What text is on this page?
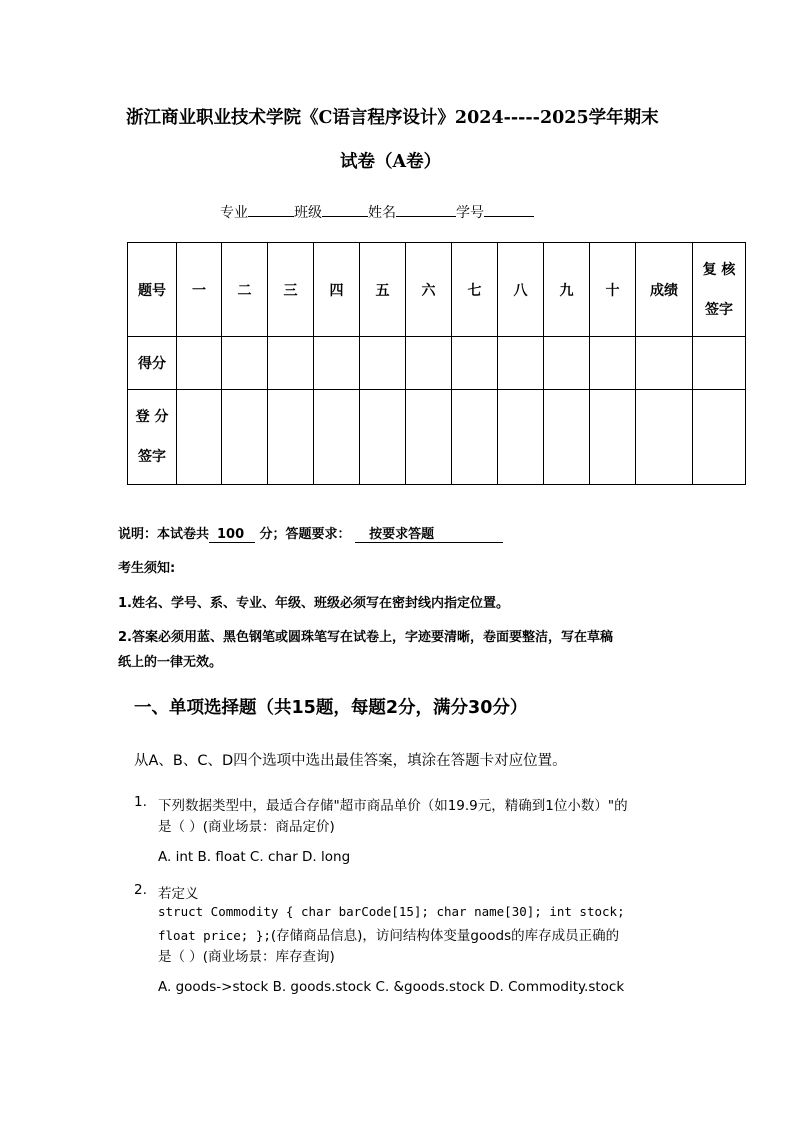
浙江商业职业技术学院《C语言程序设计》2024-----2025学年期末
试卷（A卷）
专业	班级	姓名	学号
题号	一	二	三	四	五	六	七	八	九	十	成绩	复 核
签字

得分												

登 分
签字												

说明：本试卷共 100 分；答题要求： 按要求答题
考生须知:
1.姓名、学号、系、专业、年级、班级必须写在密封线内指定位置。
2.答案必须用蓝、黑色钢笔或圆珠笔写在试卷上，字迹要清晰，卷面要整洁，写在草稿
纸上的一律无效。
一、单项选择题（共15题，每题2分，满分30分）
从A、B、C、D四个选项中选出最佳答案，填涂在答题卡对应位置。
1. 下列数据类型中，最适合存储"超市商品单价（如19.9元，精确到1位小数）"的
是（ ）(商业场景：商品定价)
A. int B. float C. char D. long
2. 若定义
struct Commodity { char barCode[15]; char name[30]; int stock;
float price; };(存储商品信息)，访问结构体变量goods的库存成员正确的
是（ ）(商业场景：库存查询)
A. goods->stock B. goods.stock C. &goods.stock D. Commodity.stock
